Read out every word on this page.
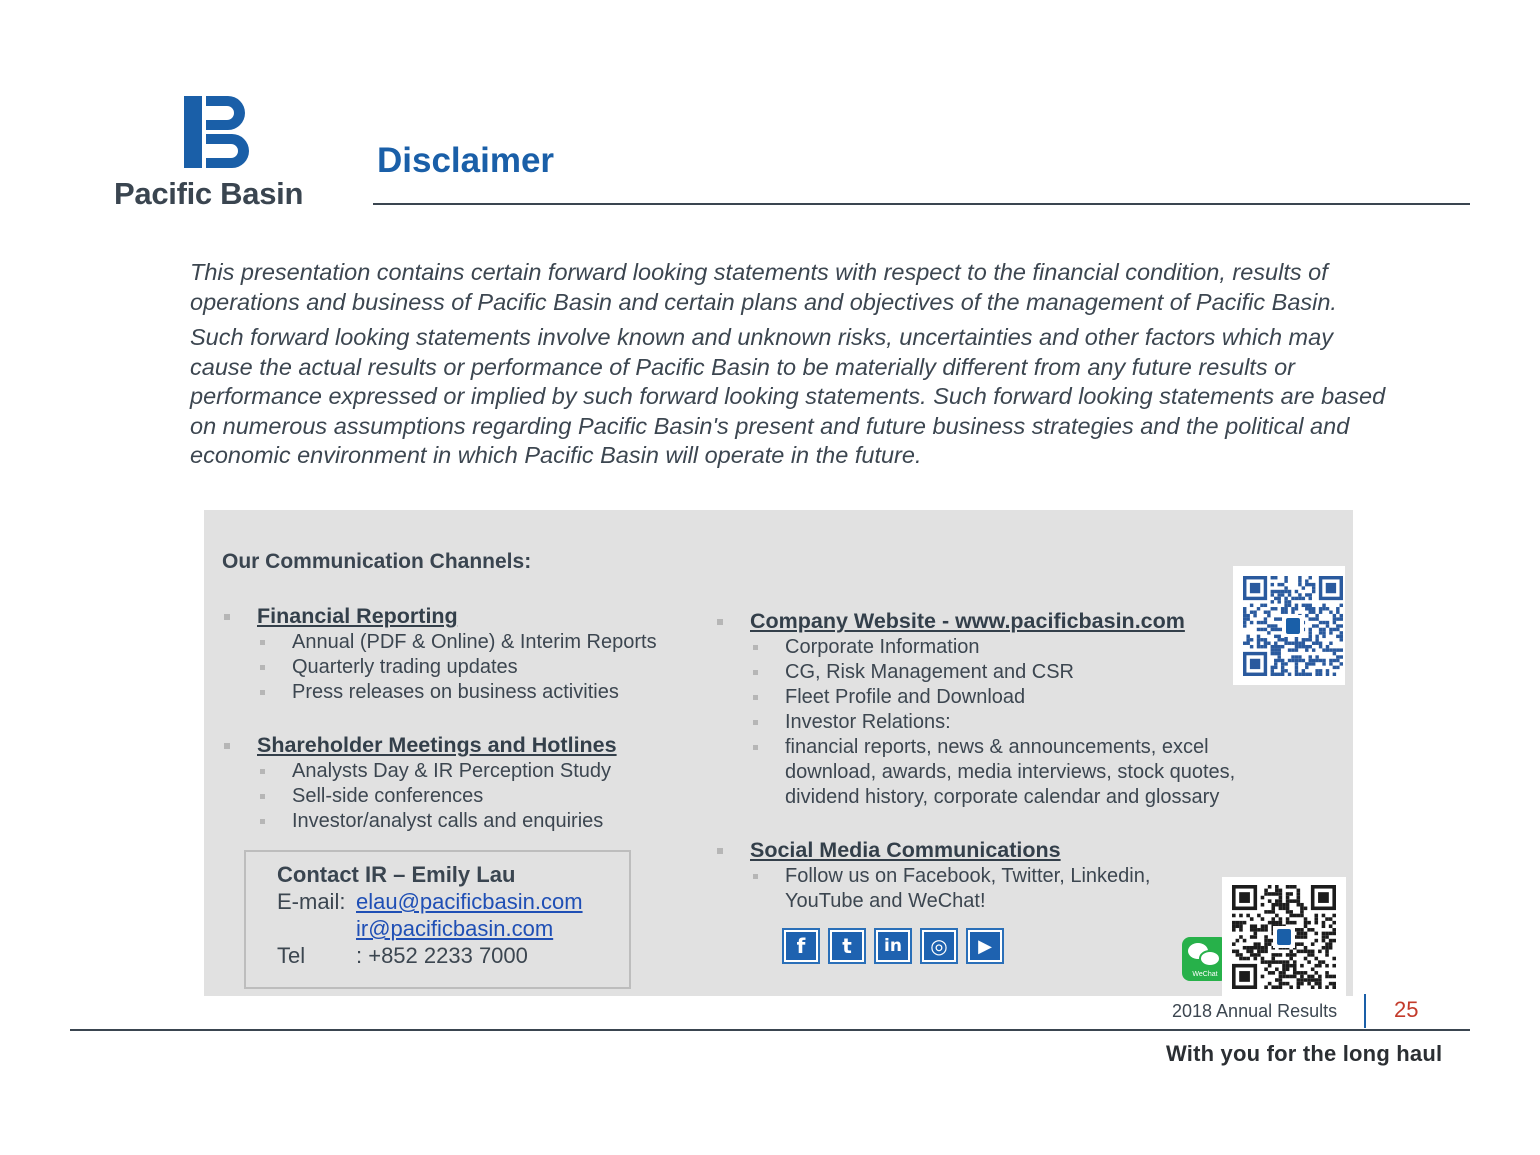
Pacific Basin
Disclaimer

This presentation contains certain forward looking statements with respect to the financial condition, results of operations and business of Pacific Basin and certain plans and objectives of the management of Pacific Basin.

Such forward looking statements involve known and unknown risks, uncertainties and other factors which may cause the actual results or performance of Pacific Basin to be materially different from any future results or performance expressed or implied by such forward looking statements. Such forward looking statements are based on numerous assumptions regarding Pacific Basin's present and future business strategies and the political and economic environment in which Pacific Basin will operate in the future.

Our Communication Channels:
Financial Reporting
Annual (PDF & Online) & Interim Reports
Quarterly trading updates
Press releases on business activities
Shareholder Meetings and Hotlines
Analysts Day & IR Perception Study
Sell-side conferences
Investor/analyst calls and enquiries
Contact IR – Emily Lau
E-mail: elau@pacificbasin.com
ir@pacificbasin.com
Tel	: +852 2233 7000
Company Website - www.pacificbasin.com
Corporate Information
CG, Risk Management and CSR
Fleet Profile and Download
Investor Relations:
financial reports, news & announcements, excel download, awards, media interviews, stock quotes, dividend history, corporate calendar and glossary
Social Media Communications
Follow us on Facebook, Twitter, Linkedin, YouTube and WeChat!
f	t	in	◎	▶
WeChat
2018 Annual Results	25
With you for the long haul
